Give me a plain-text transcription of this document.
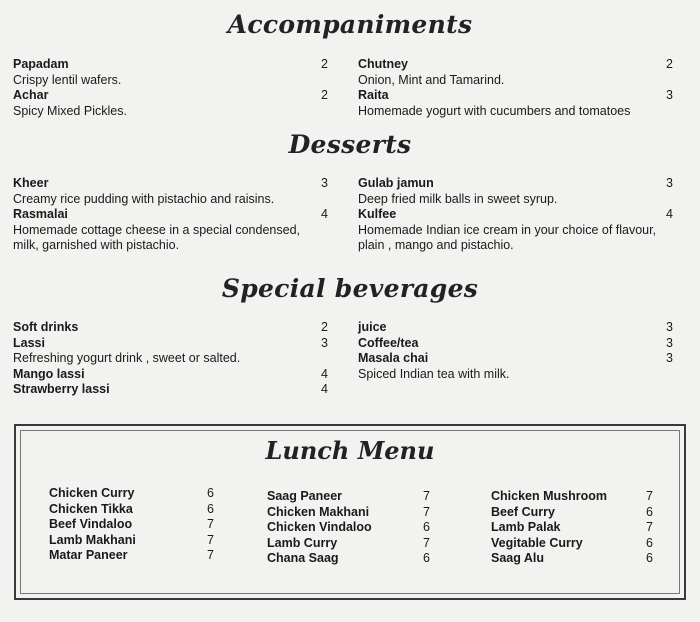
Accompaniments
Papadam	2
Crispy lentil wafers.
Achar	2
Spicy Mixed Pickles.
Chutney	2
Onion, Mint and Tamarind.
Raita	3
Homemade yogurt with cucumbers and tomatoes
Desserts
Kheer	3
Creamy rice pudding with pistachio and raisins.
Rasmalai	4
Homemade cottage cheese in a special condensed, milk, garnished with pistachio.
Gulab jamun	3
Deep fried milk balls in sweet syrup.
Kulfee	4
Homemade Indian ice cream in your choice of flavour, plain , mango and pistachio.
Special beverages
Soft drinks	2
Lassi	3
Refreshing yogurt drink , sweet or salted.
Mango lassi	4
Strawberry lassi	4
juice	3
Coffee/tea	3
Masala chai	3
Spiced Indian tea with milk.
Lunch Menu
Chicken Curry	6
Chicken Tikka	6
Beef Vindaloo	7
Lamb Makhani	7
Matar Paneer	7
Saag Paneer	7
Chicken Makhani	7
Chicken Vindaloo	6
Lamb Curry	7
Chana Saag	6
Chicken Mushroom	7
Beef Curry	6
Lamb Palak	7
Vegitable Curry	6
Saag Alu	6
